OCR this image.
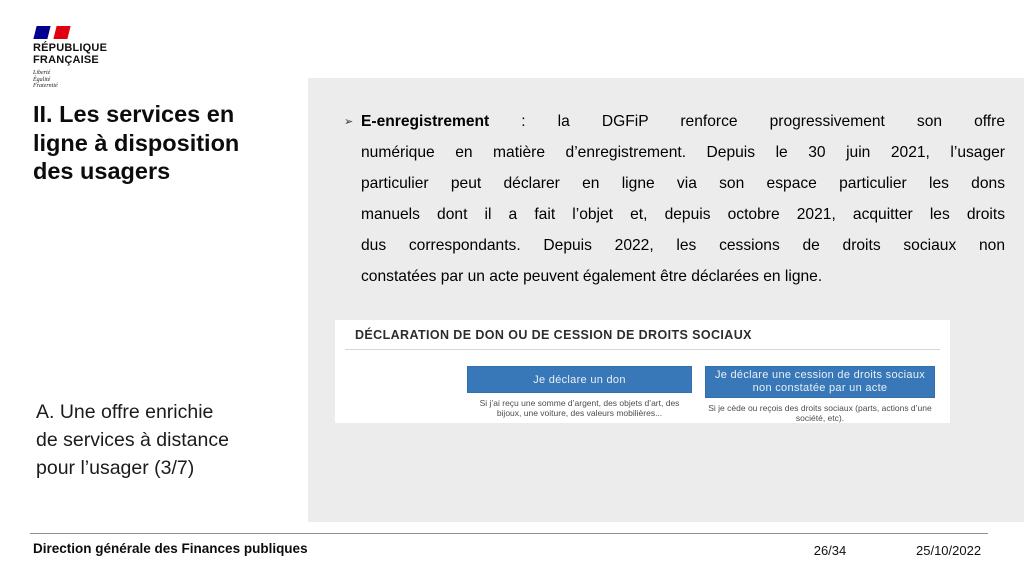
RÉPUBLIQUE
FRANÇAISE
Liberté
Égalité
Fraternité
II. Les services en
ligne à disposition
des usagers
A. Une offre enrichie
de services à distance
pour l’usager (3/7)
➢ E-enregistrement : la DGFiP renforce progressivement son offre
numérique en matière d’enregistrement. Depuis le 30 juin 2021, l’usager
particulier peut déclarer en ligne via son espace particulier les dons
manuels dont il a fait l’objet et, depuis octobre 2021, acquitter les droits
dus correspondants. Depuis 2022, les cessions de droits sociaux non
constatées par un acte peuvent également être déclarées en ligne.
DÉCLARATION DE DON OU DE CESSION DE DROITS SOCIAUX
Je déclare un don
Si j’ai reçu une somme d’argent, des objets d’art, des bijoux, une voiture, des valeurs mobilières...
Je déclare une cession de droits sociaux non constatée par un acte
Si je cède ou reçois des droits sociaux (parts, actions d’une société, etc).
Direction générale des Finances publiques	26/34	25/10/2022
